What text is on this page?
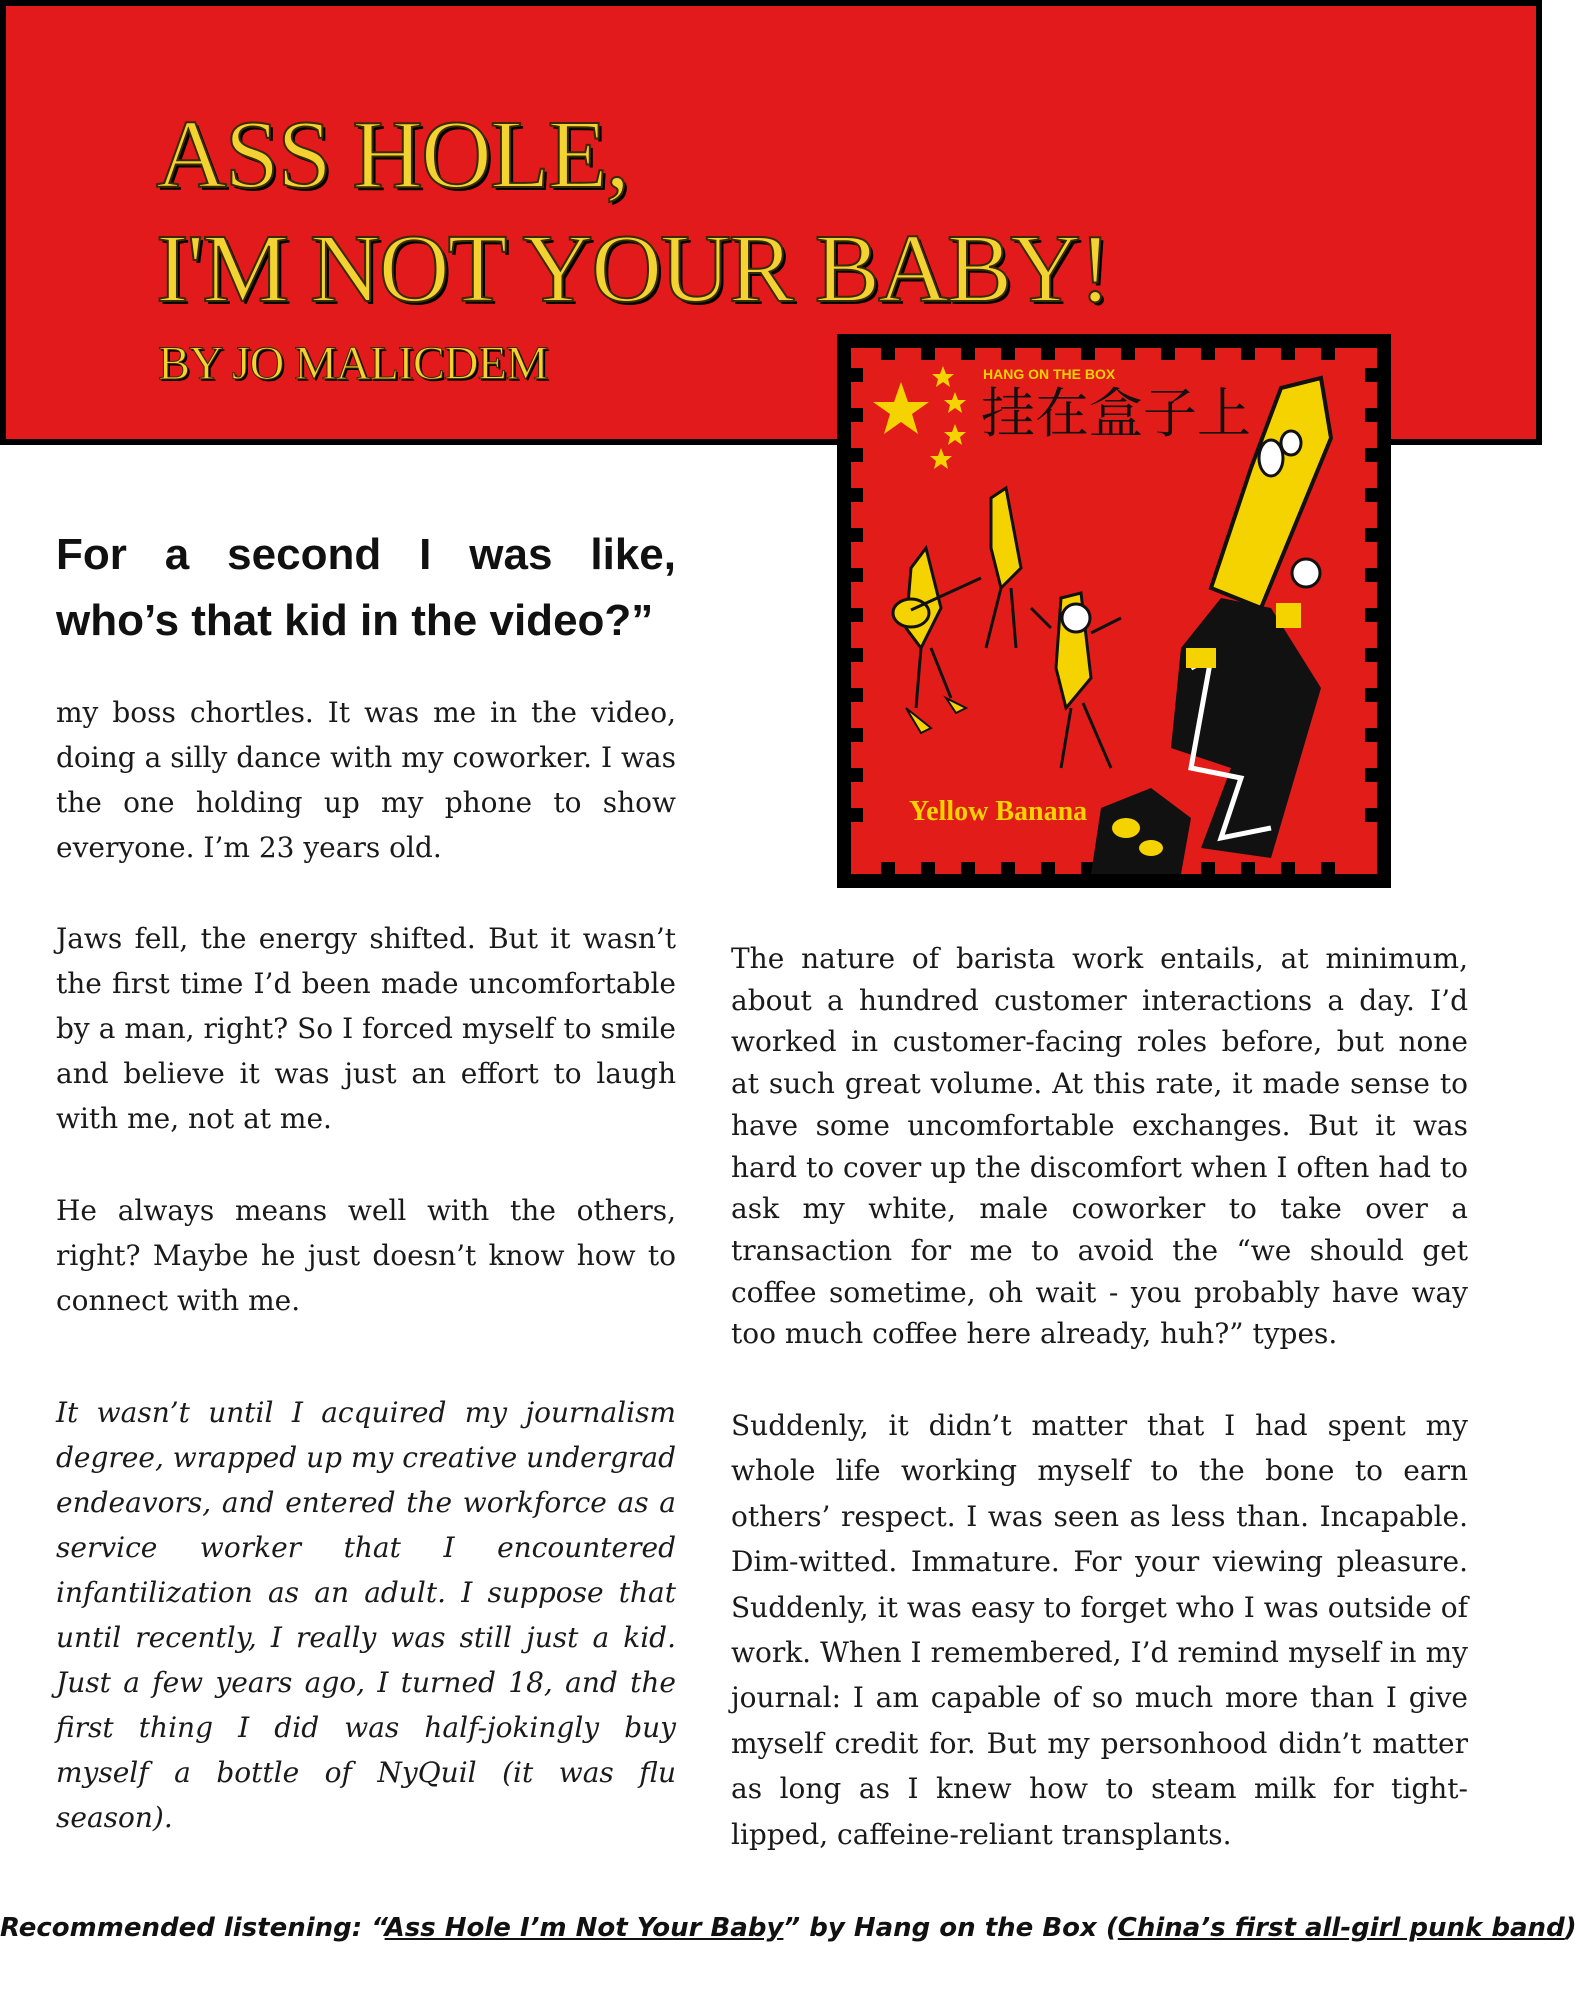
ASS HOLE,
I'M NOT YOUR BABY!

BY JO MALICDEM	HANG ON THE BOX
挂在盒子上
Yellow Banana
For a second I was like, who’s that kid in the video?”

my boss chortles. It was me in the video, doing a silly dance with my coworker. I was the one holding up my phone to show everyone. I’m 23 years old.

Jaws fell, the energy shifted. But it wasn’t the first time I’d been made uncomfortable by a man, right? So I forced myself to smile and believe it was just an effort to laugh with me, not at me.

He always means well with the others, right? Maybe he just doesn’t know how to connect with me.

It wasn’t until I acquired my journalism degree, wrapped up my creative undergrad endeavors, and entered the workforce as a service worker that I encountered infantilization as an adult. I suppose that until recently, I really was still just a kid. Just a few years ago, I turned 18, and the first thing I did was half-jokingly buy myself a bottle of NyQuil (it was flu season).

The nature of barista work entails, at minimum, about a hundred customer interactions a day. I’d worked in customer-facing roles before, but none at such great volume. At this rate, it made sense to have some uncomfortable exchanges. But it was hard to cover up the discomfort when I often had to ask my white, male coworker to take over a transaction for me to avoid the “we should get coffee sometime, oh wait - you probably have way too much coffee here already, huh?” types.

Suddenly, it didn’t matter that I had spent my whole life working myself to the bone to earn others’ respect. I was seen as less than. Incapable. Dim-witted. Immature. For your viewing pleasure. Suddenly, it was easy to forget who I was outside of work. When I remembered, I’d remind myself in my journal: I am capable of so much more than I give myself credit for. But my personhood didn’t matter as long as I knew how to steam milk for tight-lipped, caffeine-reliant transplants.

Recommended listening: “Ass Hole I’m Not Your Baby” by Hang on the Box (China’s first all-girl punk band)
